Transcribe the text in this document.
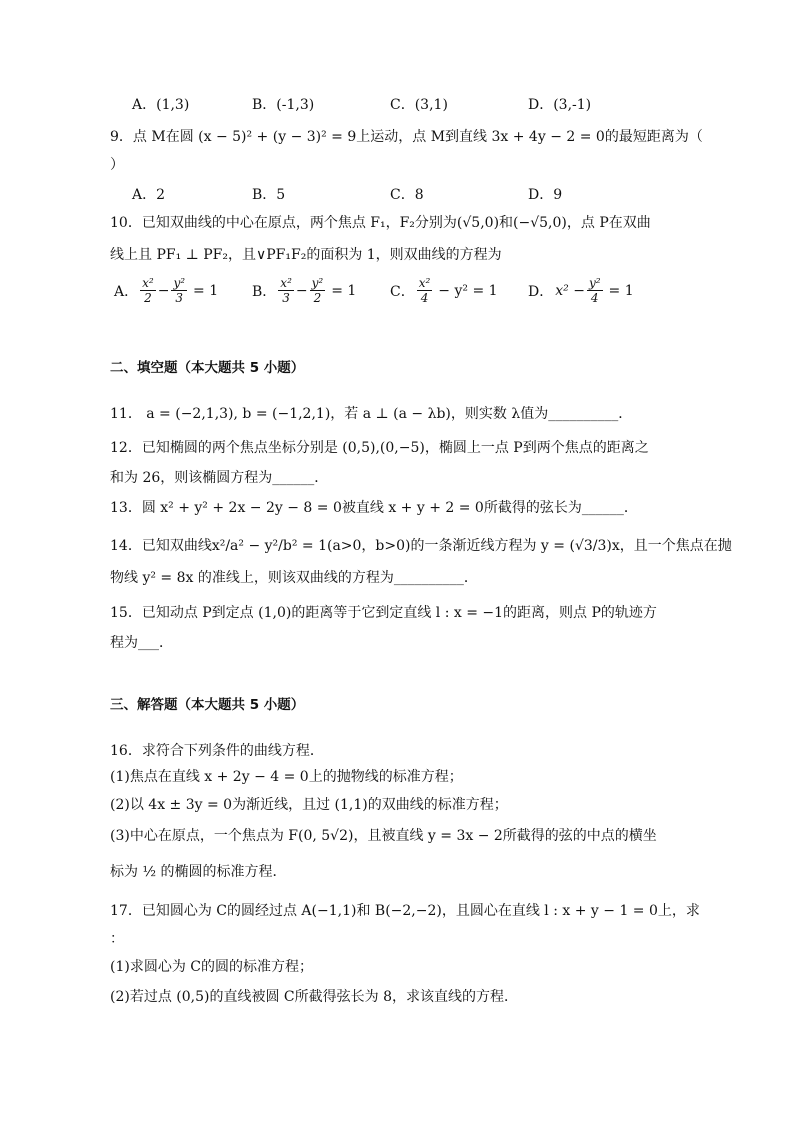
A．(1,3)	B．(-1,3)	C．(3,1)	D．(3,-1)
9．点 M在圆 (x − 5)² + (y − 3)² = 9上运动，点 M到直线 3x + 4y − 2 = 0的最短距离为（
）
A．2	B．5	C．8	D．9
10．已知双曲线的中心在原点，两个焦点 F₁，F₂分别为(√5,0)和(−√5,0)，点 P在双曲
线上且 PF₁ ⊥ PF₂，且∨PF₁F₂的面积为 1，则双曲线的方程为
A． $\frac{\text{x²}}{2} - \frac{\text{y²}}{3} = 1$ B． $\frac{\text{x²}}{3} - \frac{\text{y²}}{2} = 1$ C． $\frac{\text{x²}}{4} - y^2 = 1$ D． $x^2 - \frac{\text{y²}}{4} = 1$
二、填空题（本大题共 5 小题）
11． a = (−2,1,3), b = (−1,2,1)，若 a ⊥ (a − λb)，则实数 λ值为__________．
12．已知椭圆的两个焦点坐标分别是 (0,5),(0,−5)，椭圆上一点 P到两个焦点的距离之
和为 26，则该椭圆方程为______．
13．圆 x² + y² + 2x − 2y − 8 = 0被直线 x + y + 2 = 0所截得的弦长为______．
14．已知双曲线x²/a² − y²/b² = 1(a>0，b>0)的一条渐近线方程为 y = (√3/3)x，且一个焦点在抛
物线 y² = 8x 的准线上，则该双曲线的方程为__________．
15．已知动点 P到定点 (1,0)的距离等于它到定直线 l : x = −1的距离，则点 P的轨迹方
程为___．
三、解答题（本大题共 5 小题）
16．求符合下列条件的曲线方程．
(1)焦点在直线 x + 2y − 4 = 0上的抛物线的标准方程；
(2)以 4x ± 3y = 0为渐近线，且过 (1,1)的双曲线的标准方程；
(3)中心在原点，一个焦点为 F(0, 5√2)，且被直线 y = 3x − 2所截得的弦的中点的横坐
标为 ½ 的椭圆的标准方程．
17．已知圆心为 C的圆经过点 A(−1,1)和 B(−2,−2)，且圆心在直线 l : x + y − 1 = 0上，求
：
(1)求圆心为 C的圆的标准方程；
(2)若过点 (0,5)的直线被圆 C所截得弦长为 8，求该直线的方程．
